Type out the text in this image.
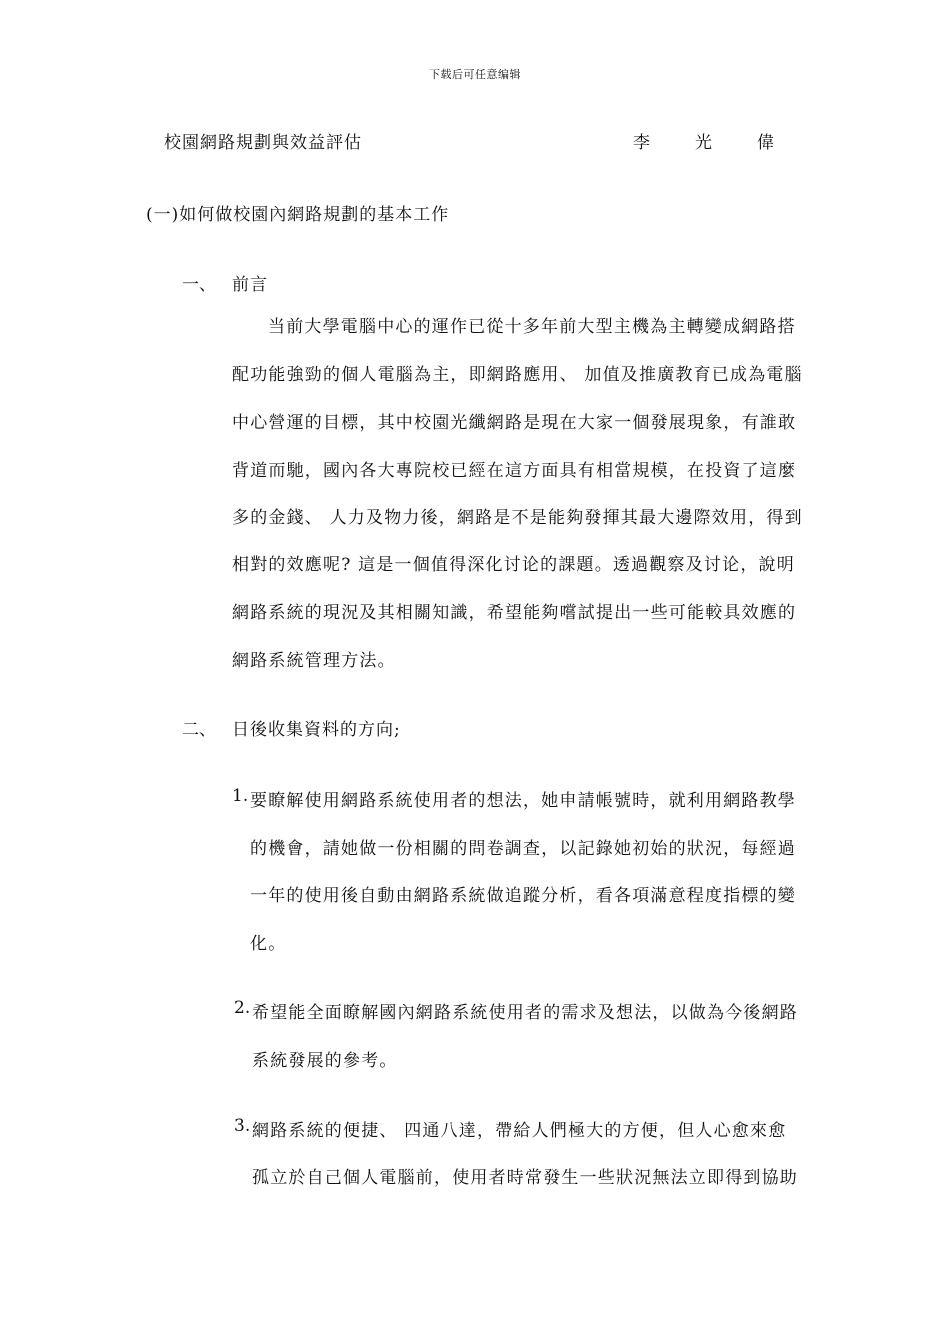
下载后可任意编辑
校園網路規劃與效益評估	李　光　偉
(一)如何做校園內網路規劃的基本工作
一、 前言
当前大學電腦中心的運作已從十多年前大型主機為主轉變成網路搭
配功能強勁的個人電腦為主，即網路應用、 加值及推廣教育已成為電腦
中心營運的目標，其中校園光纖網路是現在大家一個發展現象，有誰敢
背道而馳，國內各大專院校已經在這方面具有相當規模，在投資了這麼
多的金錢、 人力及物力後，網路是不是能夠發揮其最大邊際效用，得到
相對的效應呢? 這是一個值得深化讨论的課題。透過觀察及讨论，說明
網路系統的現況及其相關知識，希望能夠嚐試提出一些可能較具效應的
網路系統管理方法。
二、 日後收集資料的方向;
1. 要瞭解使用網路系統使用者的想法，她申請帳號時，就利用網路教學
的機會，請她做一份相關的問卷調查，以記錄她初始的狀況，每經過
一年的使用後自動由網路系統做追蹤分析，看各項滿意程度指標的變
化。
2. 希望能全面瞭解國內網路系統使用者的需求及想法，以做為今後網路
系統發展的參考。
3. 網路系統的便捷、 四通八達，帶給人們極大的方便，但人心愈來愈
孤立於自己個人電腦前，使用者時常發生一些狀況無法立即得到協助
